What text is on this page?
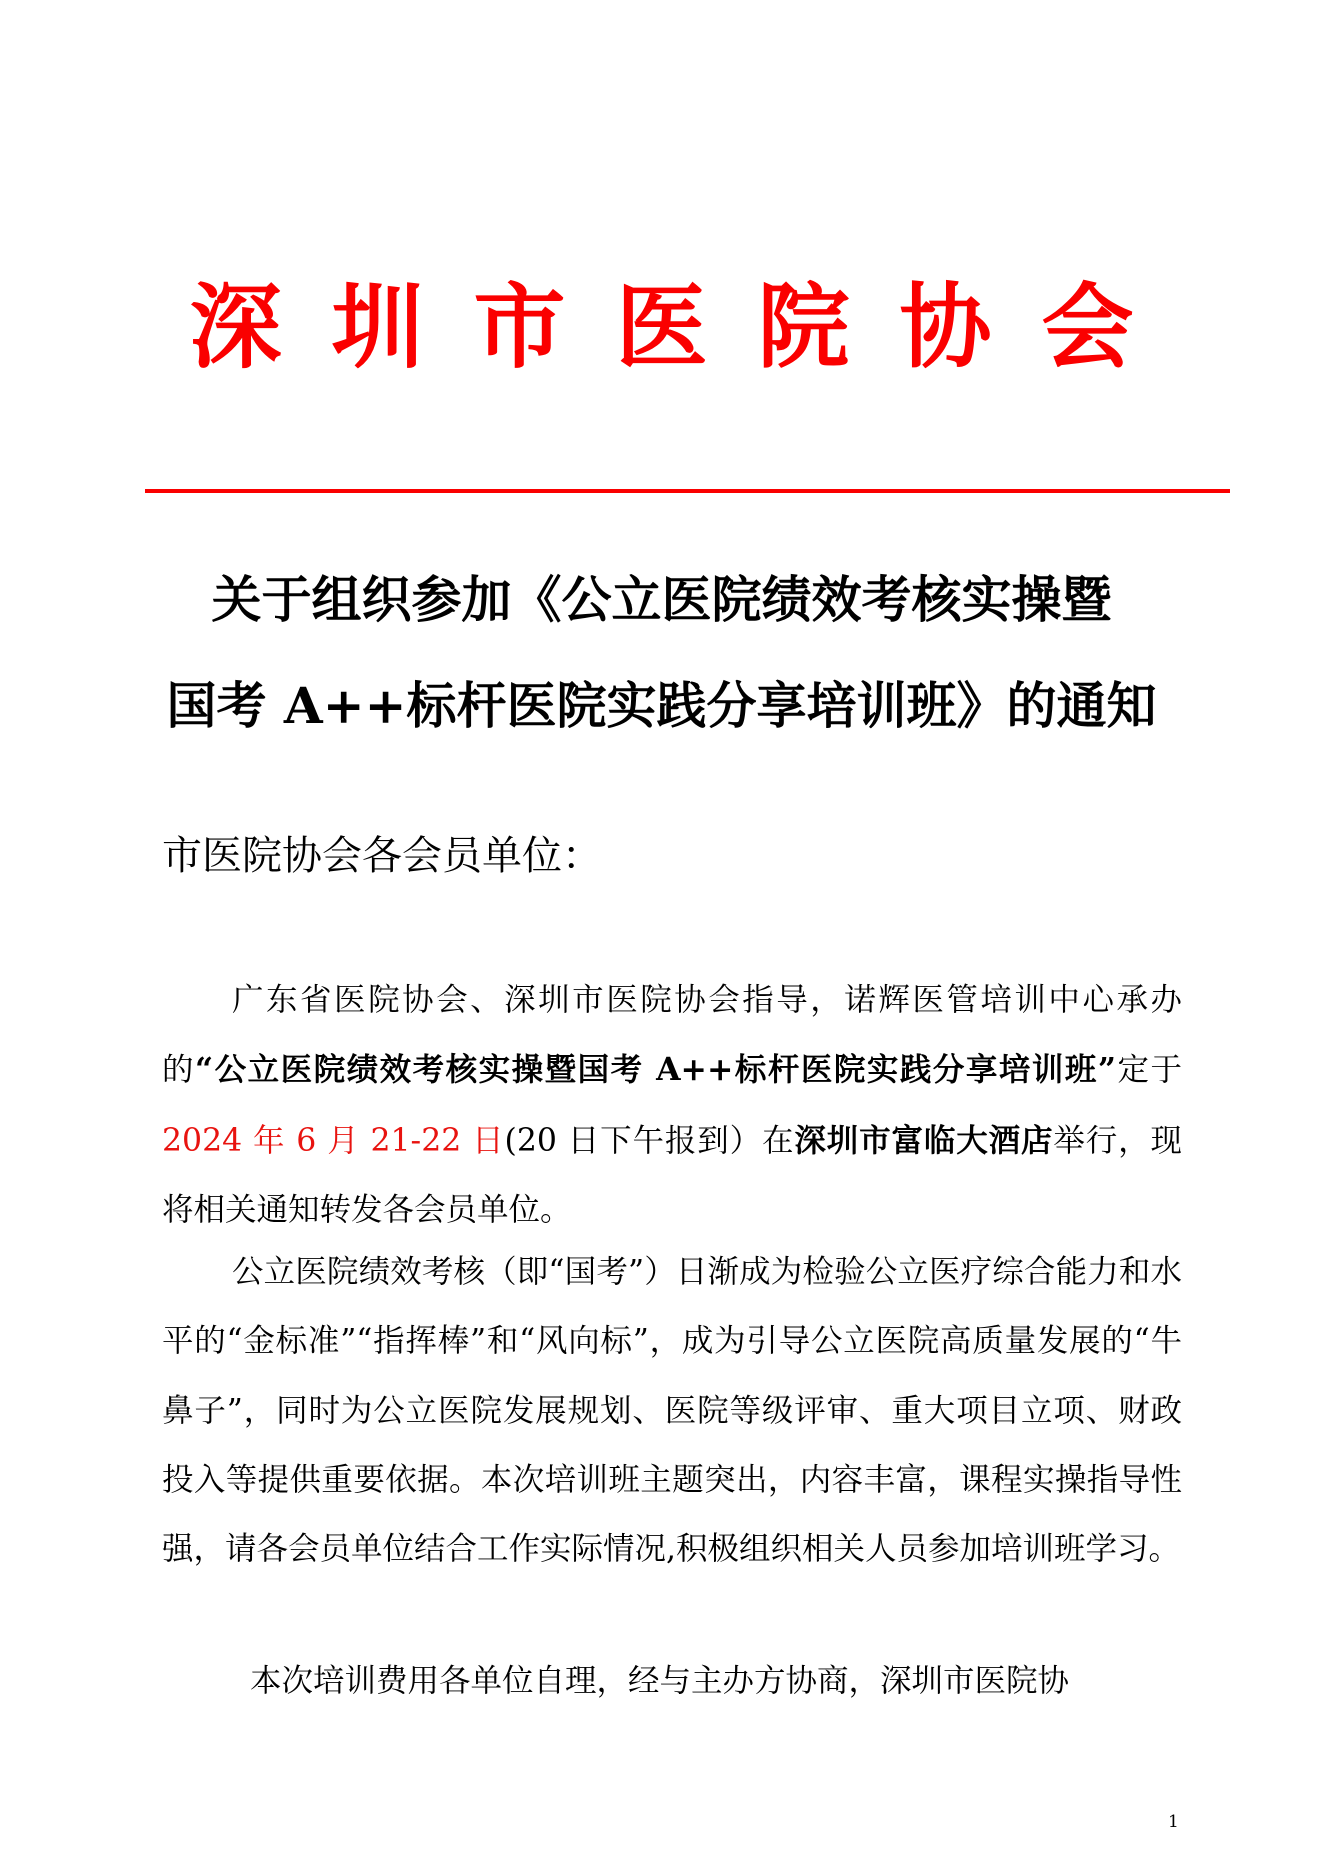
深圳市医院协会
关于组织参加《公立医院绩效考核实操暨
国考 A++标杆医院实践分享培训班》的通知
市医院协会各会员单位：
广东省医院协会、深圳市医院协会指导，诺辉医管培训中心承办的“公立医院绩效考核实操暨国考 A++标杆医院实践分享培训班”定于2024 年 6 月 21-22 日(20 日下午报到）在深圳市富临大酒店举行，现将相关通知转发各会员单位。
公立医院绩效考核（即“国考”）日渐成为检验公立医疗综合能力和水平的“金标准”“指挥棒”和“风向标”，成为引导公立医院高质量发展的“牛鼻子”，同时为公立医院发展规划、医院等级评审、重大项目立项、财政投入等提供重要依据。本次培训班主题突出，内容丰富，课程实操指导性强，请各会员单位结合工作实际情况,积极组织相关人员参加培训班学习。
本次培训费用各单位自理，经与主办方协商，深圳市医院协
1
